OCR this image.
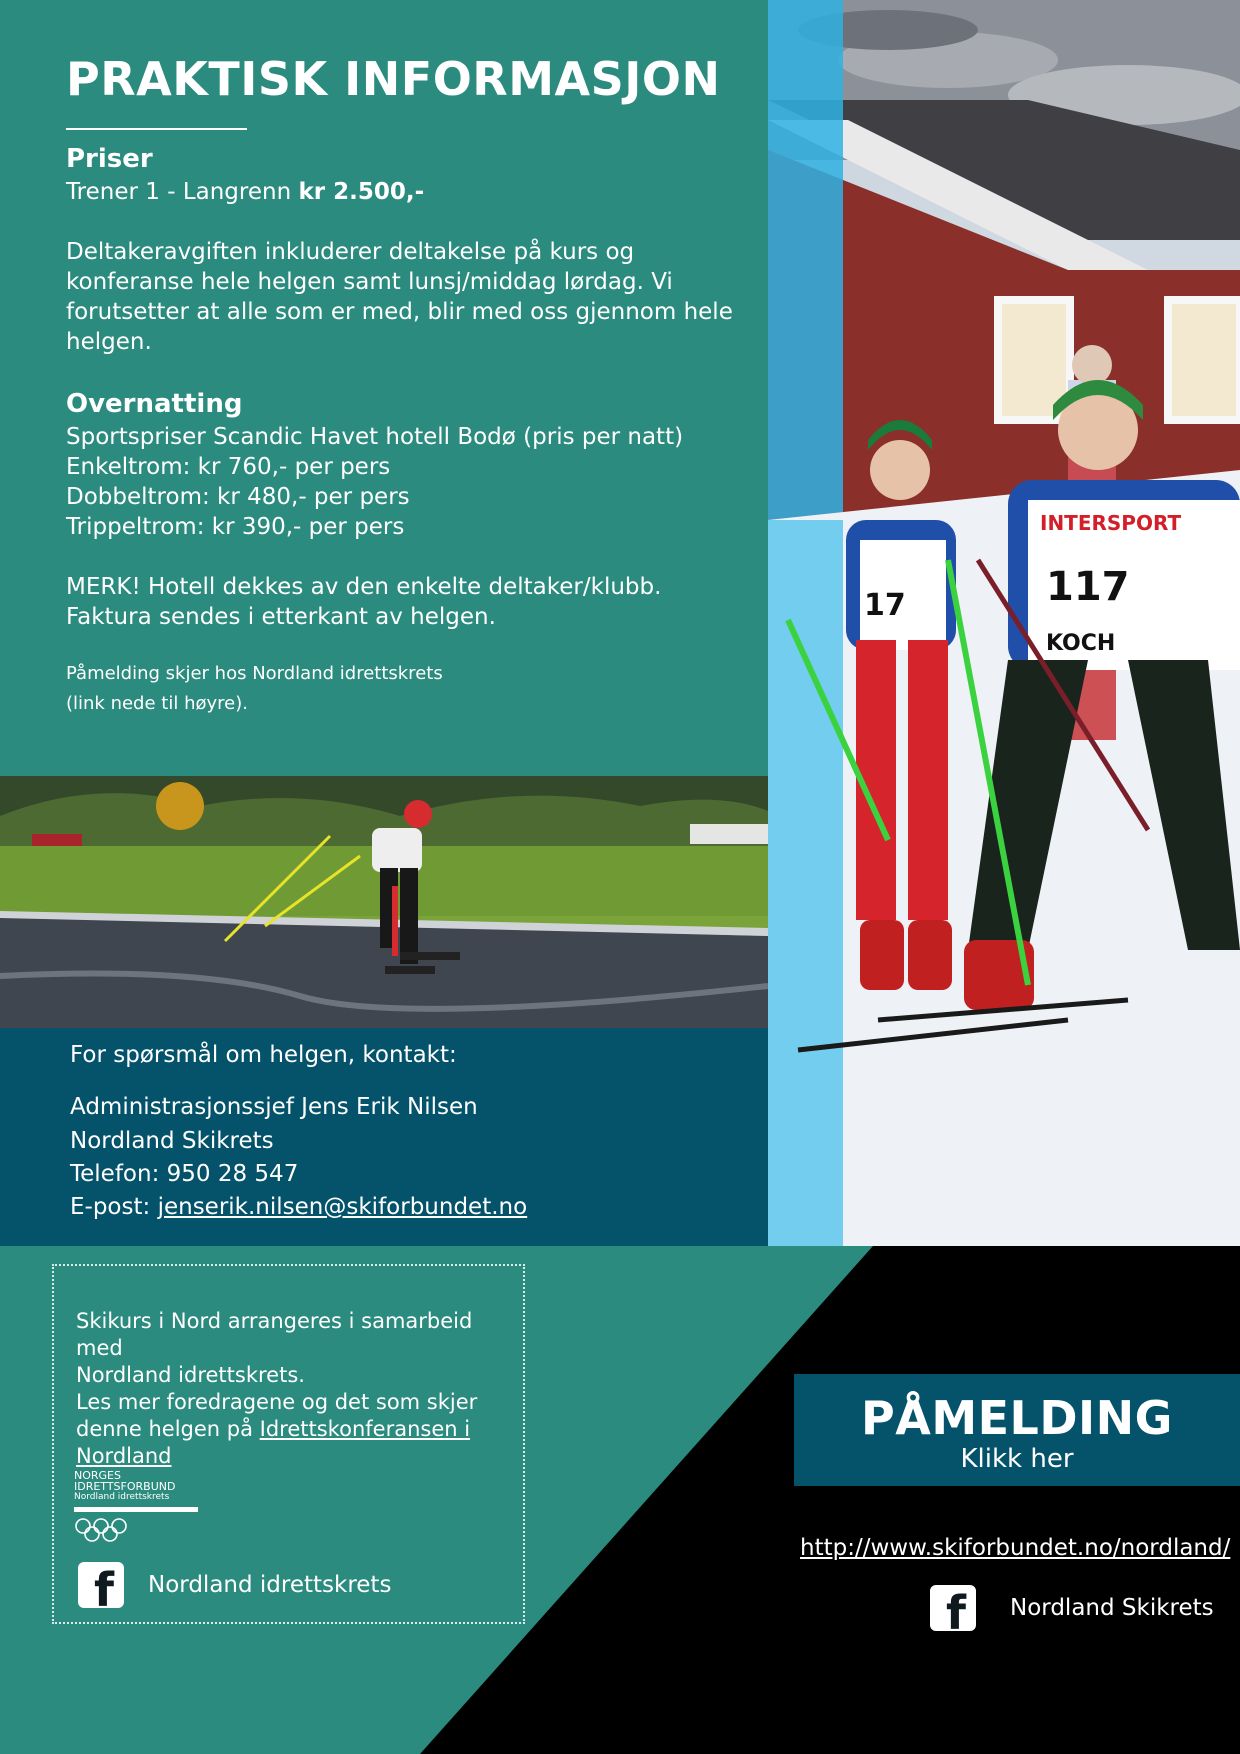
PRAKTISK INFORMASJON
Priser
Trener 1 - Langrenn kr 2.500,-
Deltakeravgiften inkluderer deltakelse på kurs og
konferanse hele helgen samt lunsj/middag lørdag. Vi
forutsetter at alle som er med, blir med oss gjennom hele
helgen.
Overnatting
Sportspriser Scandic Havet hotell Bodø (pris per natt)
Enkeltrom: kr 760,- per pers
Dobbeltrom: kr 480,- per pers
Trippeltrom: kr 390,- per pers
MERK! Hotell dekkes av den enkelte deltaker/klubb.
Faktura sendes i etterkant av helgen.
Påmelding skjer hos Nordland idrettskrets
(link nede til høyre).
17
INTERSPORT
117
KOCH
For spørsmål om helgen, kontakt:
Administrasjonssjef Jens Erik Nilsen
Nordland Skikrets
Telefon: 950 28 547
E-post: jenserik.nilsen@skiforbundet.no
Skikurs i Nord arrangeres i samarbeid med
Nordland idrettskrets.
Les mer foredragene og det som skjer
denne helgen på Idrettskonferansen i
Nordland
NORGES
IDRETTSFORBUND
Nordland idrettskrets
f Nordland idrettskrets
PÅMELDING
Klikk her
http://www.skiforbundet.no/nordland/
f Nordland Skikrets
